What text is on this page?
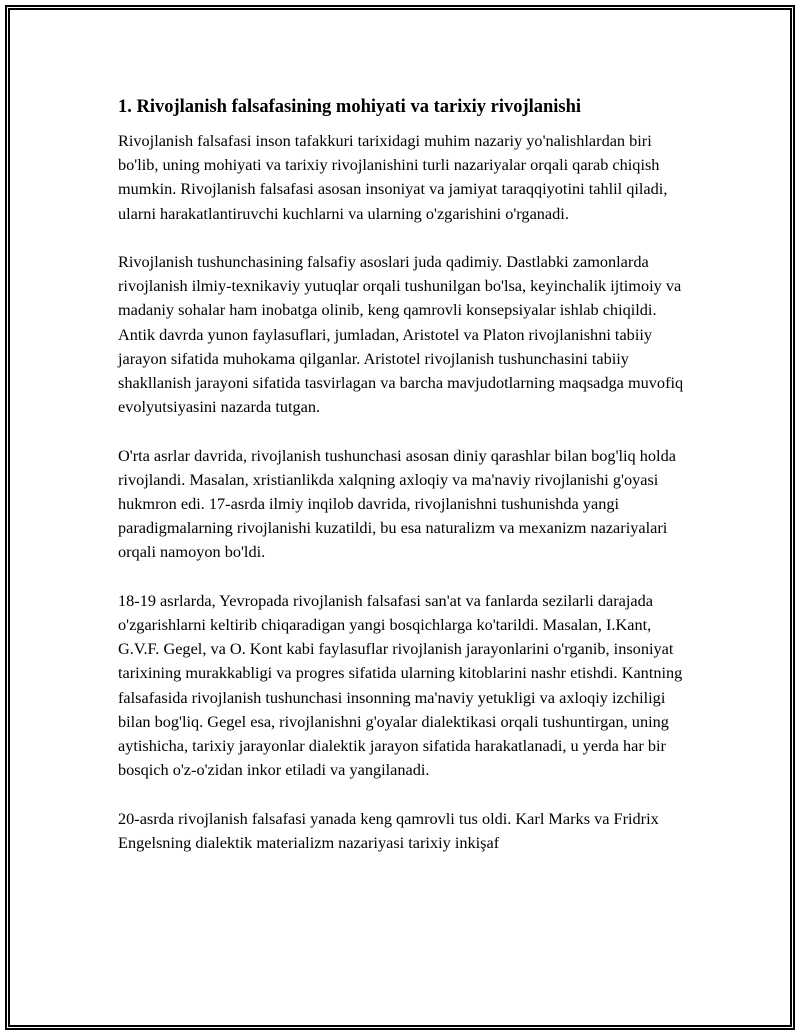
1. Rivojlanish falsafasining mohiyati va tarixiy rivojlanishi

Rivojlanish falsafasi inson tafakkuri tarixidagi muhim nazariy yo'nalishlardan biri bo'lib, uning mohiyati va tarixiy rivojlanishini turli nazariyalar orqali qarab chiqish mumkin. Rivojlanish falsafasi asosan insoniyat va jamiyat taraqqiyotini tahlil qiladi, ularni harakatlantiruvchi kuchlarni va ularning o'zgarishini o'rganadi.

Rivojlanish tushunchasining falsafiy asoslari juda qadimiy. Dastlabki zamonlarda rivojlanish ilmiy-texnikaviy yutuqlar orqali tushunilgan bo'lsa, keyinchalik ijtimoiy va madaniy sohalar ham inobatga olinib, keng qamrovli konsepsiyalar ishlab chiqildi. Antik davrda yunon faylasuflari, jumladan, Aristotel va Platon rivojlanishni tabiiy jarayon sifatida muhokama qilganlar. Aristotel rivojlanish tushunchasini tabiiy shakllanish jarayoni sifatida tasvirlagan va barcha mavjudotlarning maqsadga muvofiq evolyutsiyasini nazarda tutgan.

O'rta asrlar davrida, rivojlanish tushunchasi asosan diniy qarashlar bilan bog'liq holda rivojlandi. Masalan, xristianlikda xalqning axloqiy va ma'naviy rivojlanishi g'oyasi hukmron edi. 17-asrda ilmiy inqilob davrida, rivojlanishni tushunishda yangi paradigmalarning rivojlanishi kuzatildi, bu esa naturalizm va mexanizm nazariyalari orqali namoyon bo'ldi.

18-19 asrlarda, Yevropada rivojlanish falsafasi san'at va fanlarda sezilarli darajada o'zgarishlarni keltirib chiqaradigan yangi bosqichlarga ko'tarildi. Masalan, I.Kant, G.V.F. Gegel, va O. Kont kabi faylasuflar rivojlanish jarayonlarini o'rganib, insoniyat tarixining murakkabligi va progres sifatida ularning kitoblarini nashr etishdi. Kantning falsafasida rivojlanish tushunchasi insonning ma'naviy yetukligi va axloqiy izchiligi bilan bog'liq. Gegel esa, rivojlanishni g'oyalar dialektikasi orqali tushuntirgan, uning aytishicha, tarixiy jarayonlar dialektik jarayon sifatida harakatlanadi, u yerda har bir bosqich o'z-o'zidan inkor etiladi va yangilanadi.

20-asrda rivojlanish falsafasi yanada keng qamrovli tus oldi. Karl Marks va Fridrix Engelsning dialektik materializm nazariyasi tarixiy inkişaf
